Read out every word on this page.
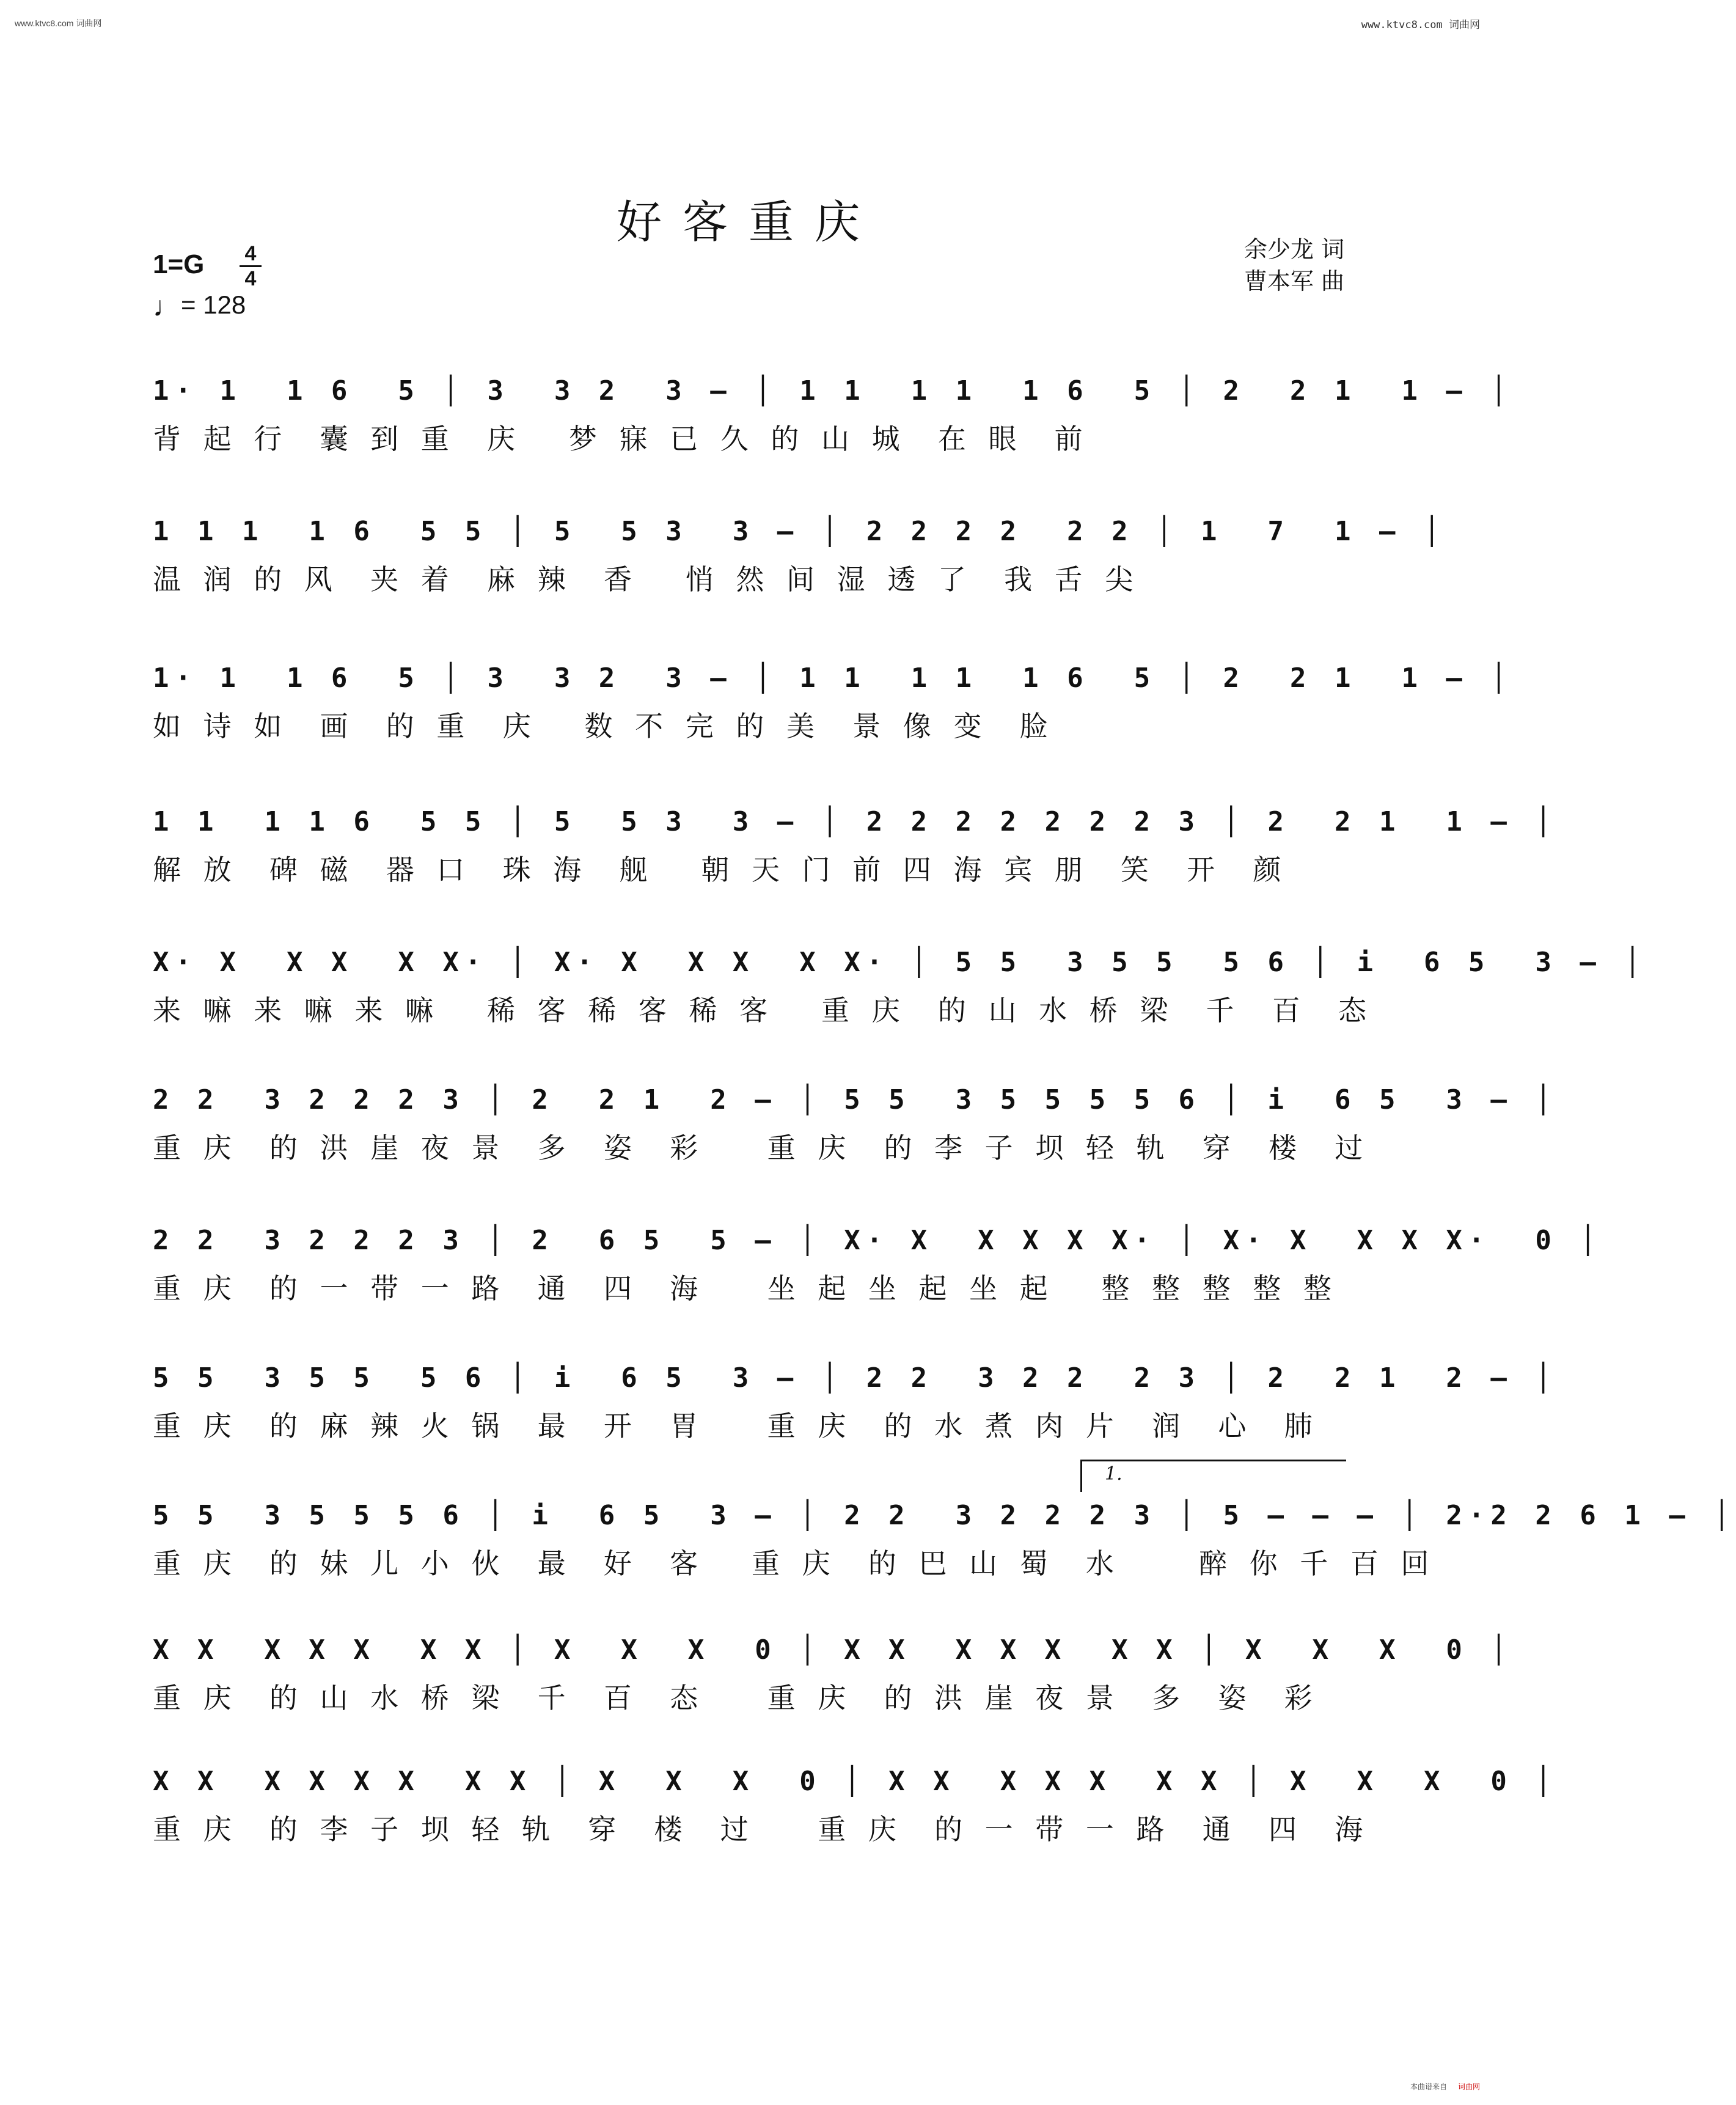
www.ktvc8.com 词曲网	www.ktvc8.com 词曲网
好客重庆
1=G 4
4
♩= 128
余少龙 词
曹本军 曲
1.
1· 1  1 6  5 │ 3  3 2  3 – │ 1 1  1 1  1 6  5 │ 2  2 1  1 – │
背 起 行  囊 到 重  庆   梦 寐 已 久 的 山 城  在 眼  前
1 1 1  1 6  5 5 │ 5  5 3  3 – │ 2 2 2 2  2 2 │ 1  7  1 – │
温 润 的 风  夹 着  麻 辣  香   悄 然 间 湿 透 了  我 舌 尖
1· 1  1 6  5 │ 3  3 2  3 – │ 1 1  1 1  1 6  5 │ 2  2 1  1 – │
如 诗 如  画  的 重  庆   数 不 完 的 美  景 像 变  脸
1 1  1 1 6  5 5 │ 5  5 3  3 – │ 2 2 2 2 2 2 2 3 │ 2  2 1  1 – │
解 放  碑 磁  器 口  珠 海  舰   朝 天 门 前 四 海 宾 朋  笑  开  颜
X· X  X X  X X· │ X· X  X X  X X· │ 5 5  3 5 5  5 6 │ i  6 5  3 – │
来 嘛 来 嘛 来 嘛   稀 客 稀 客 稀 客   重 庆  的 山 水 桥 梁  千  百  态
2 2  3 2 2 2 3 │ 2  2 1  2 – │ 5 5  3 5 5 5 5 6 │ i  6 5  3 – │
重 庆  的 洪 崖 夜 景  多  姿  彩    重 庆  的 李 子 坝 轻 轨  穿  楼  过
2 2  3 2 2 2 3 │ 2  6 5  5 – │ X· X  X X X X· │ X· X  X X X·  0 │
重 庆  的 一 带 一 路  通  四  海    坐 起 坐 起 坐 起   整 整 整 整 整
5 5  3 5 5  5 6 │ i  6 5  3 – │ 2 2  3 2 2  2 3 │ 2  2 1  2 – │
重 庆  的 麻 辣 火 锅  最  开  胃    重 庆  的 水 煮 肉 片  润  心  肺
5 5  3 5 5 5 6 │ i  6 5  3 – │ 2 2  3 2 2 2 3 │ 5 – – – │ 2·2 2 6 1 – │
重 庆  的 妹 儿 小 伙  最  好  客   重 庆  的 巴 山 蜀  水     醉 你 千 百 回
X X  X X X  X X │ X  X  X  0 │ X X  X X X  X X │ X  X  X  0 │
重 庆  的 山 水 桥 梁  千  百  态    重 庆  的 洪 崖 夜 景  多  姿  彩
X X  X X X X  X X │ X  X  X  0 │ X X  X X X  X X │ X  X  X  0 │
重 庆  的 李 子 坝 轻 轨  穿  楼  过    重 庆  的 一 带 一 路  通  四  海
本曲谱来自 词曲网
